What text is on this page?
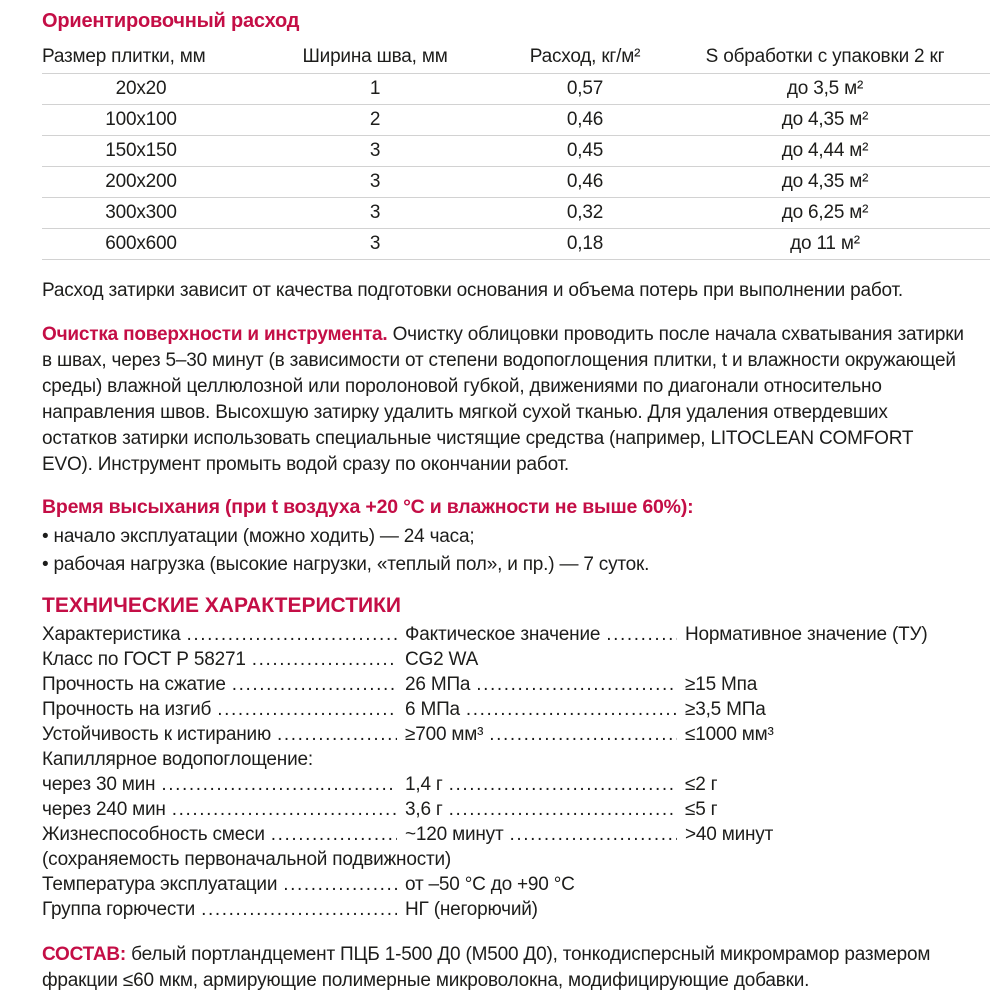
Ориентировочный расход
Размер плитки, мм	Ширина шва, мм	Расход, кг/м²	S обработки с упаковки 2 кг
20х20	1	0,57	до 3,5 м²
100х100	2	0,46	до 4,35 м²
150х150	3	0,45	до 4,44 м²
200х200	3	0,46	до 4,35 м²
300х300	3	0,32	до 6,25 м²
600х600	3	0,18	до 11 м²

Расход затирки зависит от качества подготовки основания и объема потерь при выполнении работ.

Очистка поверхности и инструмента. Очистку облицовки проводить после начала схватывания затирки в швах, через 5–30 минут (в зависимости от степени водопоглощения плитки, t и влажности окружающей среды) влажной целлюлозной или поролоновой губкой, движениями по диагонали относительно направления швов. Высохшую затирку удалить мягкой сухой тканью. Для удаления отвердевших остатков затирки использовать специальные чистящие средства (например, LITOCLEAN COMFORT EVO). Инструмент промыть водой сразу по окончании работ.

Время высыхания (при t воздуха +20 °С и влажности не выше 60%):
• начало эксплуатации (можно ходить) — 24 часа;
• рабочая нагрузка (высокие нагрузки, «теплый пол», и пр.) — 7 суток.
ТЕХНИЧЕСКИЕ ХАРАКТЕРИСТИКИ
Характеристика .....	Фактическое значение .....	Нормативное значение (ТУ)
Класс по ГОСТ Р 58271 .....	CG2 WA
Прочность на сжатие .....	26 МПа .....	≥15 Мпа
Прочность на изгиб .....	6 МПа .....	≥3,5 МПа
Устойчивость к истиранию .....	≥700 мм³ .....	≤1000 мм³
Капиллярное водопоглощение:
через 30 мин .....	1,4 г .....	≤2 г
через 240 мин .....	3,6 г .....	≤5 г
Жизнеспособность смеси .....	~120 минут .....	>40 минут
(сохраняемость первоначальной подвижности)
Температура эксплуатации .....	от –50 °С до +90 °С
Группа горючести .....	НГ (негорючий)

СОСТАВ: белый портландцемент ПЦБ 1-500 Д0 (М500 Д0), тонкодисперсный микромрамор размером фракции ≤60 мкм, армирующие полимерные микроволокна, модифицирующие добавки.
